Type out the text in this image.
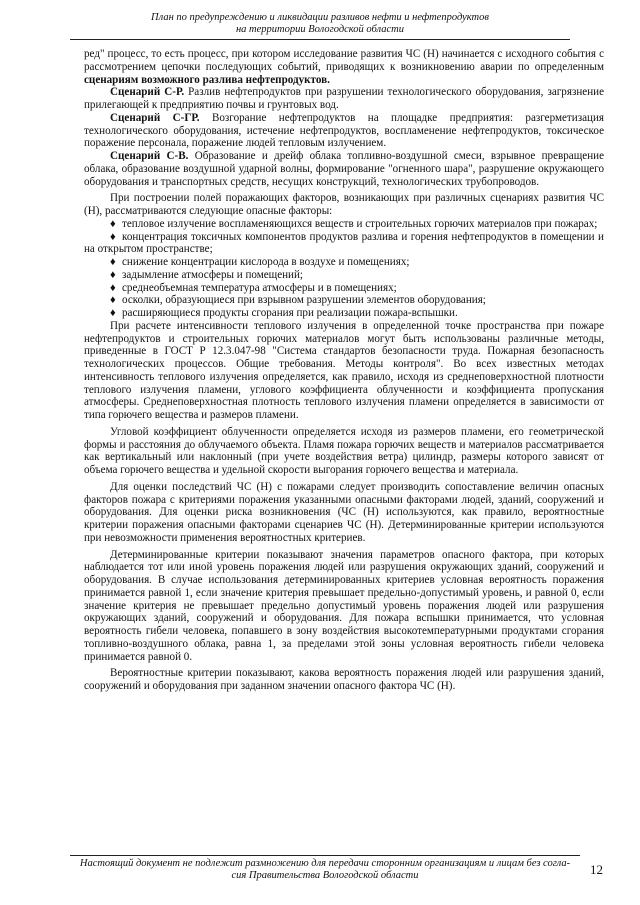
План по предупреждению и ликвидации разливов нефти и нефтепродуктов
на территории Вологодской области

ред" процесс, то есть процесс, при котором исследование развития ЧС (Н) начинается с исходного события с рассмотрением цепочки последующих событий, приводящих к возникновению аварии по определенным сценариям возможного разлива нефтепродуктов.

Сценарий С-Р. Разлив нефтепродуктов при разрушении технологического оборудования, загрязнение прилегающей к предприятию почвы и грунтовых вод.

Сценарий С-ГР. Возгорание нефтепродуктов на площадке предприятия: разгерметизация технологического оборудования, истечение нефтепродуктов, воспламенение нефтепродуктов, токсическое поражение персонала, поражение людей тепловым излучением.

Сценарий С-В. Образование и дрейф облака топливно-воздушной смеси, взрывное превращение облака, образование воздушной ударной волны, формирование "огненного шара", разрушение окружающего оборудования и транспортных средств, несущих конструкций, технологических трубопроводов.

При построении полей поражающих факторов, возникающих при различных сценариях развития ЧС (Н), рассматриваются следующие опасные факторы:

♦ тепловое излучение воспламеняющихся веществ и строительных горючих материалов при пожарах;
♦ концентрация токсичных компонентов продуктов разлива и горения нефтепродуктов в помещении и на открытом пространстве;
♦ снижение концентрации кислорода в воздухе и помещениях;
♦ задымление атмосферы и помещений;
♦ среднеобъемная температура атмосферы и в помещениях;
♦ осколки, образующиеся при взрывном разрушении элементов оборудования;
♦ расширяющиеся продукты сгорания при реализации пожара-вспышки.

При расчете интенсивности теплового излучения в определенной точке пространства при пожаре нефтепродуктов и строительных горючих материалов могут быть использованы различные методы, приведенные в ГОСТ Р 12.3.047-98 "Система стандартов безопасности труда. Пожарная безопасность технологических процессов. Общие требования. Методы контроля". Во всех известных методах интенсивность теплового излучения определяется, как правило, исходя из среднеповерхностной плотности теплового излучения пламени, углового коэффициента облученности и коэффициента пропускания атмосферы. Среднеповерхностная плотность теплового излучения пламени определяется в зависимости от типа горючего вещества и размеров пламени.

Угловой коэффициент облученности определяется исходя из размеров пламени, его геометрической формы и расстояния до облучаемого объекта. Пламя пожара горючих веществ и материалов рассматривается как вертикальный или наклонный (при учете воздействия ветра) цилиндр, размеры которого зависят от объема горючего вещества и удельной скорости выгорания горючего вещества и материала.

Для оценки последствий ЧС (Н) с пожарами следует производить сопоставление величин опасных факторов пожара с критериями поражения указанными опасными факторами людей, зданий, сооружений и оборудования. Для оценки риска возникновения (ЧС (Н) используются, как правило, вероятностные критерии поражения опасными факторами сценариев ЧС (Н). Детерминированные критерии используются при невозможности применения вероятностных критериев.

Детерминированные критерии показывают значения параметров опасного фактора, при которых наблюдается тот или иной уровень поражения людей или разрушения окружающих зданий, сооружений и оборудования. В случае использования детерминированных критериев условная вероятность поражения принимается равной 1, если значение критерия превышает предельно-допустимый уровень, и равной 0, если значение критерия не превышает предельно допустимый уровень поражения людей или разрушения окружающих зданий, сооружений и оборудования. Для пожара вспышки принимается, что условная вероятность гибели человека, попавшего в зону воздействия высокотемпературными продуктами сгорания топливно-воздушного облака, равна 1, за пределами этой зоны условная вероятность гибели человека принимается равной 0.

Вероятностные критерии показывают, какова вероятность поражения людей или разрушения зданий, сооружений и оборудования при заданном значении опасного фактора ЧС (Н).

Настоящий документ не подлежит размножению для передачи сторонним организациям и лицам без согла-
сия Правительства Вологодской области	12
